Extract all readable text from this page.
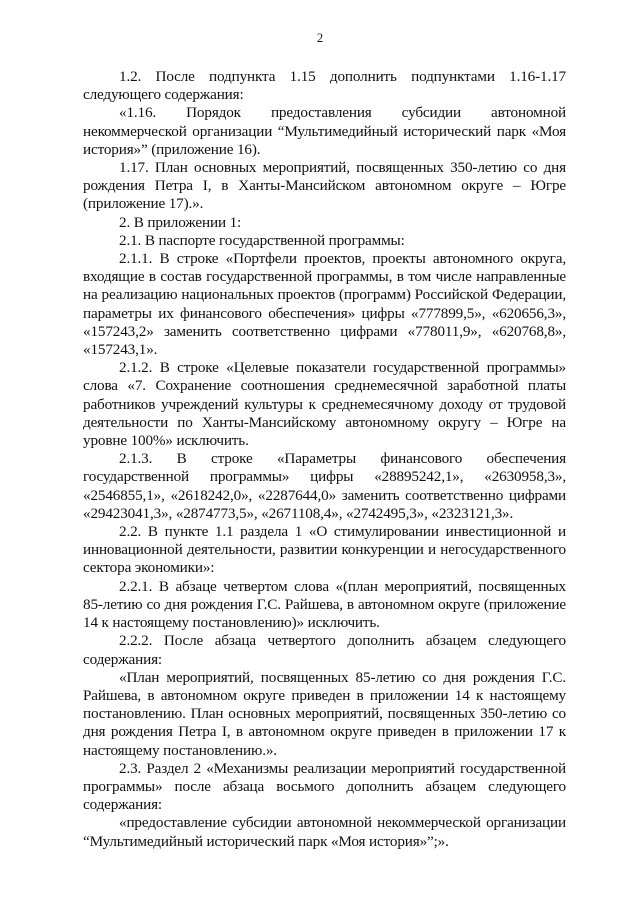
2

1.2. После подпункта 1.15 дополнить подпунктами 1.16-1.17 следующего содержания:

«1.16. Порядок предоставления субсидии автономной некоммерческой организации “Мультимедийный исторический парк «Моя история»” (приложение 16).

1.17. План основных мероприятий, посвященных 350-летию со дня рождения Петра I, в Ханты-Мансийском автономном округе – Югре (приложение 17).».

2. В приложении 1:

2.1. В паспорте государственной программы:

2.1.1. В строке «Портфели проектов, проекты автономного округа, входящие в состав государственной программы, в том числе направленные на реализацию национальных проектов (программ) Российской Федерации, параметры их финансового обеспечения» цифры «777899,5», «620656,3», «157243,2» заменить соответственно цифрами «778011,9», «620768,8», «157243,1».

2.1.2. В строке «Целевые показатели государственной программы» слова «7. Сохранение соотношения среднемесячной заработной платы работников учреждений культуры к среднемесячному доходу от трудовой деятельности по Ханты-Мансийскому автономному округу – Югре на уровне 100%» исключить.

2.1.3. В строке «Параметры финансового обеспечения государственной программы» цифры «28895242,1», «2630958,3», «2546855,1», «2618242,0», «2287644,0» заменить соответственно цифрами «29423041,3», «2874773,5», «2671108,4», «2742495,3», «2323121,3».

2.2. В пункте 1.1 раздела 1 «О стимулировании инвестиционной и инновационной деятельности, развитии конкуренции и негосударственного сектора экономики»:

2.2.1. В абзаце четвертом слова «(план мероприятий, посвященных 85-летию со дня рождения Г.С. Райшева, в автономном округе (приложение 14 к настоящему постановлению)» исключить.

2.2.2. После абзаца четвертого дополнить абзацем следующего содержания:

«План мероприятий, посвященных 85-летию со дня рождения Г.С. Райшева, в автономном округе приведен в приложении 14 к настоящему постановлению. План основных мероприятий, посвященных 350-летию со дня рождения Петра I, в автономном округе приведен в приложении 17 к настоящему постановлению.».

2.3. Раздел 2 «Механизмы реализации мероприятий государственной программы» после абзаца восьмого дополнить абзацем следующего содержания:

«предоставление субсидии автономной некоммерческой организации “Мультимедийный исторический парк «Моя история»”;».
